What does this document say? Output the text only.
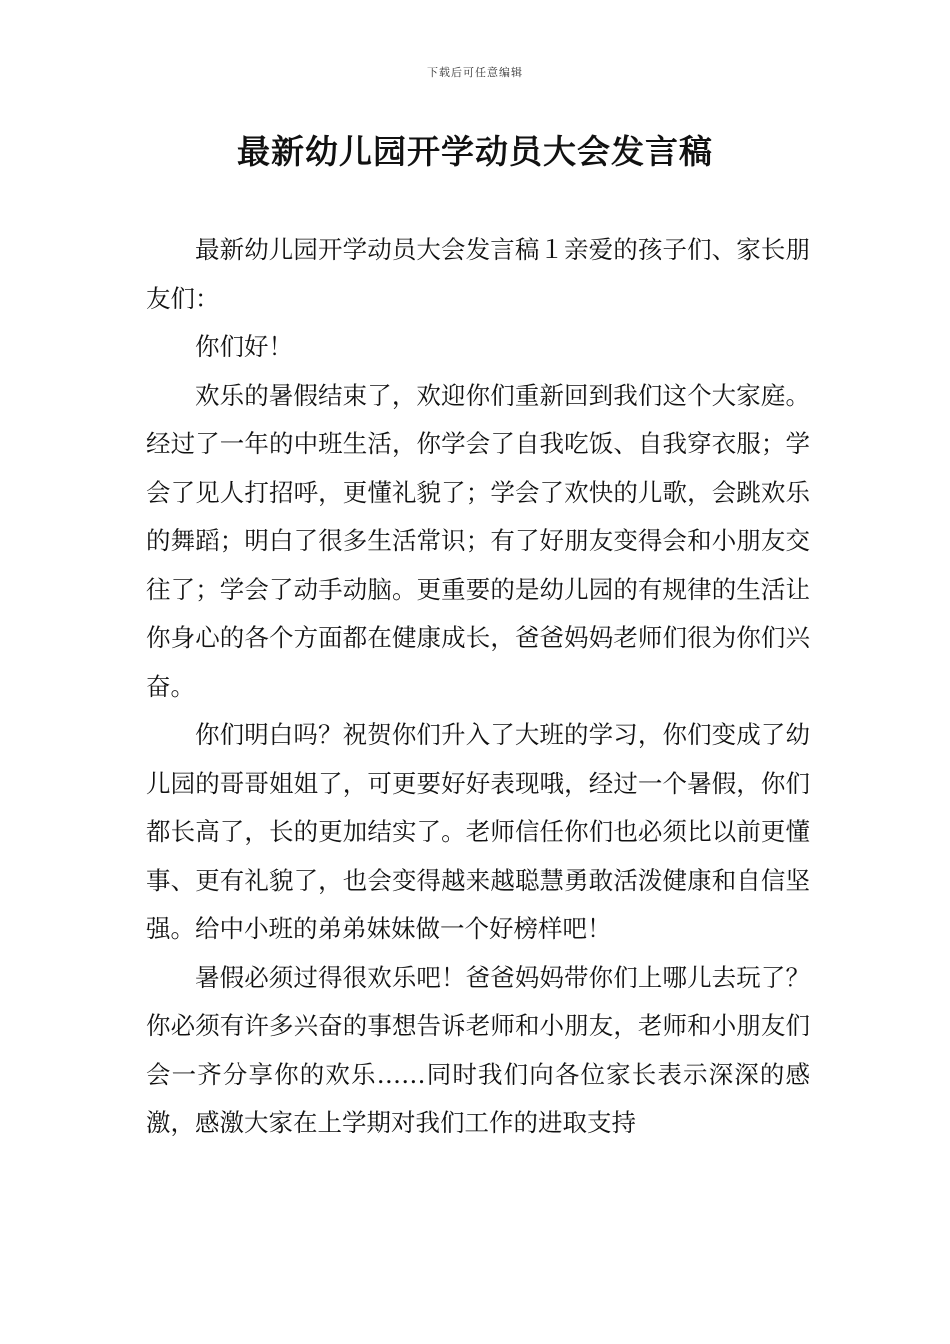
下载后可任意编辑
最新幼儿园开学动员大会发言稿

最新幼儿园开学动员大会发言稿１亲爱的孩子们、家长朋友们：

你们好！

欢乐的暑假结束了，欢迎你们重新回到我们这个大家庭。经过了一年的中班生活，你学会了自我吃饭、自我穿衣服；学会了见人打招呼，更懂礼貌了；学会了欢快的儿歌，会跳欢乐的舞蹈；明白了很多生活常识；有了好朋友变得会和小朋友交往了；学会了动手动脑。更重要的是幼儿园的有规律的生活让你身心的各个方面都在健康成长，爸爸妈妈老师们很为你们兴奋。

你们明白吗？祝贺你们升入了大班的学习，你们变成了幼儿园的哥哥姐姐了，可更要好好表现哦，经过一个暑假，你们都长高了，长的更加结实了。老师信任你们也必须比以前更懂事、更有礼貌了，也会变得越来越聪慧勇敢活泼健康和自信坚强。给中小班的弟弟妹妹做一个好榜样吧！

暑假必须过得很欢乐吧！爸爸妈妈带你们上哪儿去玩了？你必须有许多兴奋的事想告诉老师和小朋友，老师和小朋友们会一齐分享你的欢乐……同时我们向各位家长表示深深的感激，感激大家在上学期对我们工作的进取支持
